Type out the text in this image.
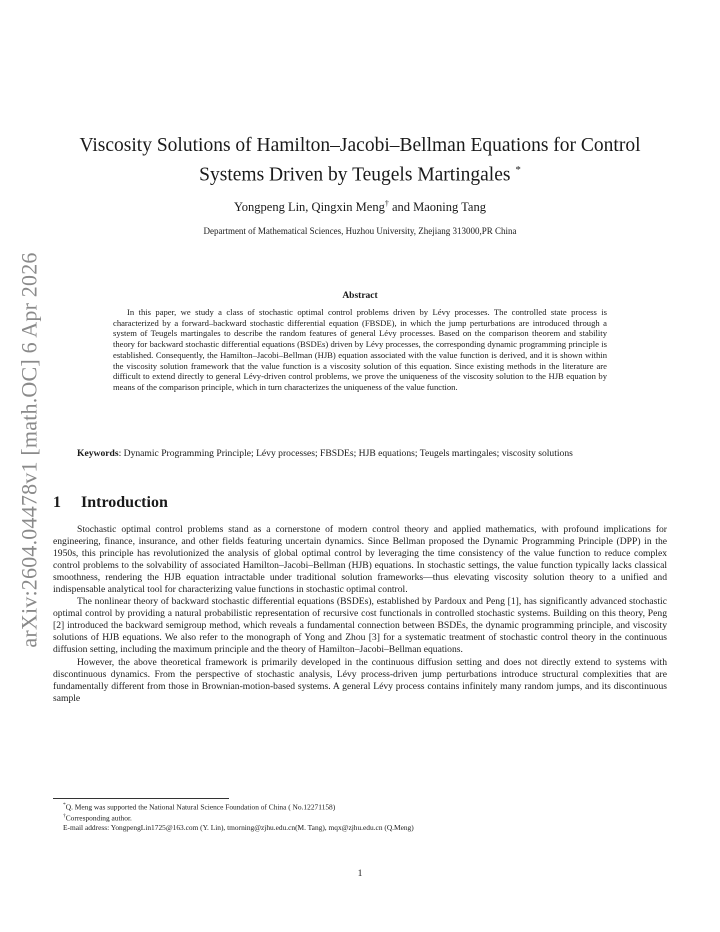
arXiv:2604.04478v1 [math.OC] 6 Apr 2026
Viscosity Solutions of Hamilton–Jacobi–Bellman Equations for Control Systems Driven by Teugels Martingales *
Yongpeng Lin, Qingxin Meng† and Maoning Tang
Department of Mathematical Sciences, Huzhou University, Zhejiang 313000,PR China
Abstract

In this paper, we study a class of stochastic optimal control problems driven by Lévy processes. The controlled state process is characterized by a forward–backward stochastic differential equation (FBSDE), in which the jump perturbations are introduced through a system of Teugels martingales to describe the random features of general Lévy processes. Based on the comparison theorem and stability theory for backward stochastic differential equations (BSDEs) driven by Lévy processes, the corresponding dynamic programming principle is established. Consequently, the Hamilton–Jacobi–Bellman (HJB) equation associated with the value function is derived, and it is shown within the viscosity solution framework that the value function is a viscosity solution of this equation. Since existing methods in the literature are difficult to extend directly to general Lévy-driven control problems, we prove the uniqueness of the viscosity solution to the HJB equation by means of the comparison principle, which in turn characterizes the uniqueness of the value function.

Keywords: Dynamic Programming Principle; Lévy processes; FBSDEs; HJB equations; Teugels martingales; viscosity solutions

1 Introduction

Stochastic optimal control problems stand as a cornerstone of modern control theory and applied mathematics, with profound implications for engineering, finance, insurance, and other fields featuring uncertain dynamics. Since Bellman proposed the Dynamic Programming Principle (DPP) in the 1950s, this principle has revolutionized the analysis of global optimal control by leveraging the time consistency of the value function to reduce complex control problems to the solvability of associated Hamilton–Jacobi–Bellman (HJB) equations. In stochastic settings, the value function typically lacks classical smoothness, rendering the HJB equation intractable under traditional solution frameworks—thus elevating viscosity solution theory to a unified and indispensable analytical tool for characterizing value functions in stochastic optimal control.

The nonlinear theory of backward stochastic differential equations (BSDEs), established by Pardoux and Peng [1], has significantly advanced stochastic optimal control by providing a natural probabilistic representation of recursive cost functionals in controlled stochastic systems. Building on this theory, Peng [2] introduced the backward semigroup method, which reveals a fundamental connection between BSDEs, the dynamic programming principle, and viscosity solutions of HJB equations. We also refer to the monograph of Yong and Zhou [3] for a systematic treatment of stochastic control theory in the continuous diffusion setting, including the maximum principle and the theory of Hamilton–Jacobi–Bellman equations.

However, the above theoretical framework is primarily developed in the continuous diffusion setting and does not directly extend to systems with discontinuous dynamics. From the perspective of stochastic analysis, Lévy process-driven jump perturbations introduce structural complexities that are fundamentally different from those in Brownian-motion-based systems. A general Lévy process contains infinitely many random jumps, and its discontinuous sample

*Q. Meng was supported the National Natural Science Foundation of China ( No.12271158)
†Corresponding author.
E-mail address: YongpengLin1725@163.com (Y. Lin), tmorning@zjhu.edu.cn(M. Tang), mqx@zjhu.edu.cn (Q.Meng)
1
